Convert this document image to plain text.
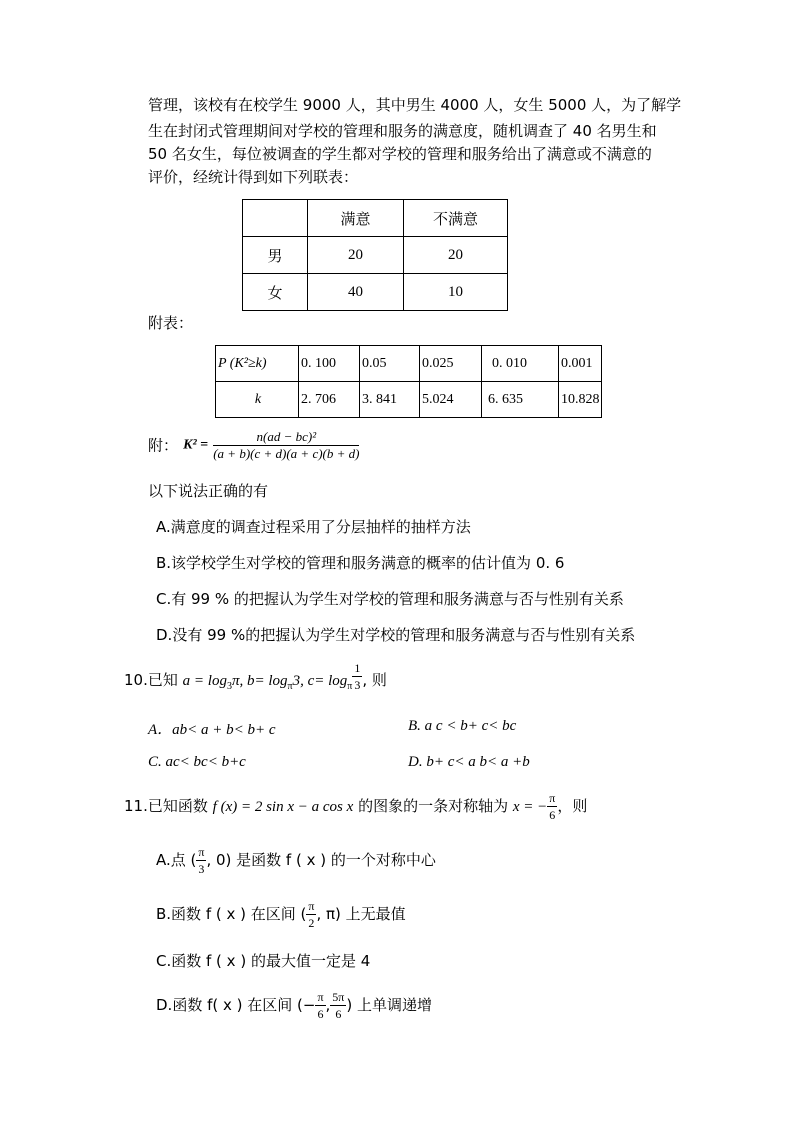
管理，该校有在校学生 9000 人，其中男生 4000 人，女生 5000 人，为了解学
生在封闭式管理期间对学校的管理和服务的满意度，随机调查了 40 名男生和
50 名女生，每位被调查的学生都对学校的管理和服务给出了满意或不满意的
评价，经统计得到如下列联表：
	满意	不满意
男	20	20
女	40	10
附表：
P (K²≥k)	0. 100	0.05	0.025	0. 010	0.001
k	2. 706	3. 841	5.024	6. 635	10.828
附： $K^2 = \frac{\text{n(ad − bc)²}}{(a + b)(c + d)(a + c)(b + d)}$
以下说法正确的有
A.满意度的调查过程采用了分层抽样的抽样方法
B.该学校学生对学校的管理和服务满意的概率的估计值为 0. 6
C.有 99 % 的把握认为学生对学校的管理和服务满意与否与性别有关系
D.没有 99 %的把握认为学生对学校的管理和服务满意与否与性别有关系
10.已知 $a = \log_3\pi$, $b= \log_\pi 3$, $c= \log_\pi \frac{1}{3}$ , 则
A．ab< a + b< b+ c	B. a c < b+ c< bc
C. ac< bc< b+c	D. b+ c< a b< a +b
11.已知函数 f (x) = 2 sin x − a cos x 的图象的一条对称轴为 x = − $\frac{\pi}{6}$ ，则
A.点 ( $\frac{\pi}{3}$ , 0) 是函数 f ( x ) 的一个对称中心
B.函数 f ( x ) 在区间 ( $\frac{\pi}{2}$ , π) 上无最值
C.函数 f ( x ) 的最大值一定是 4
D.函数 f( x ) 在区间 (− $\frac{\pi}{6}$ , $\frac{5\pi}{6}$ ) 上单调递增
